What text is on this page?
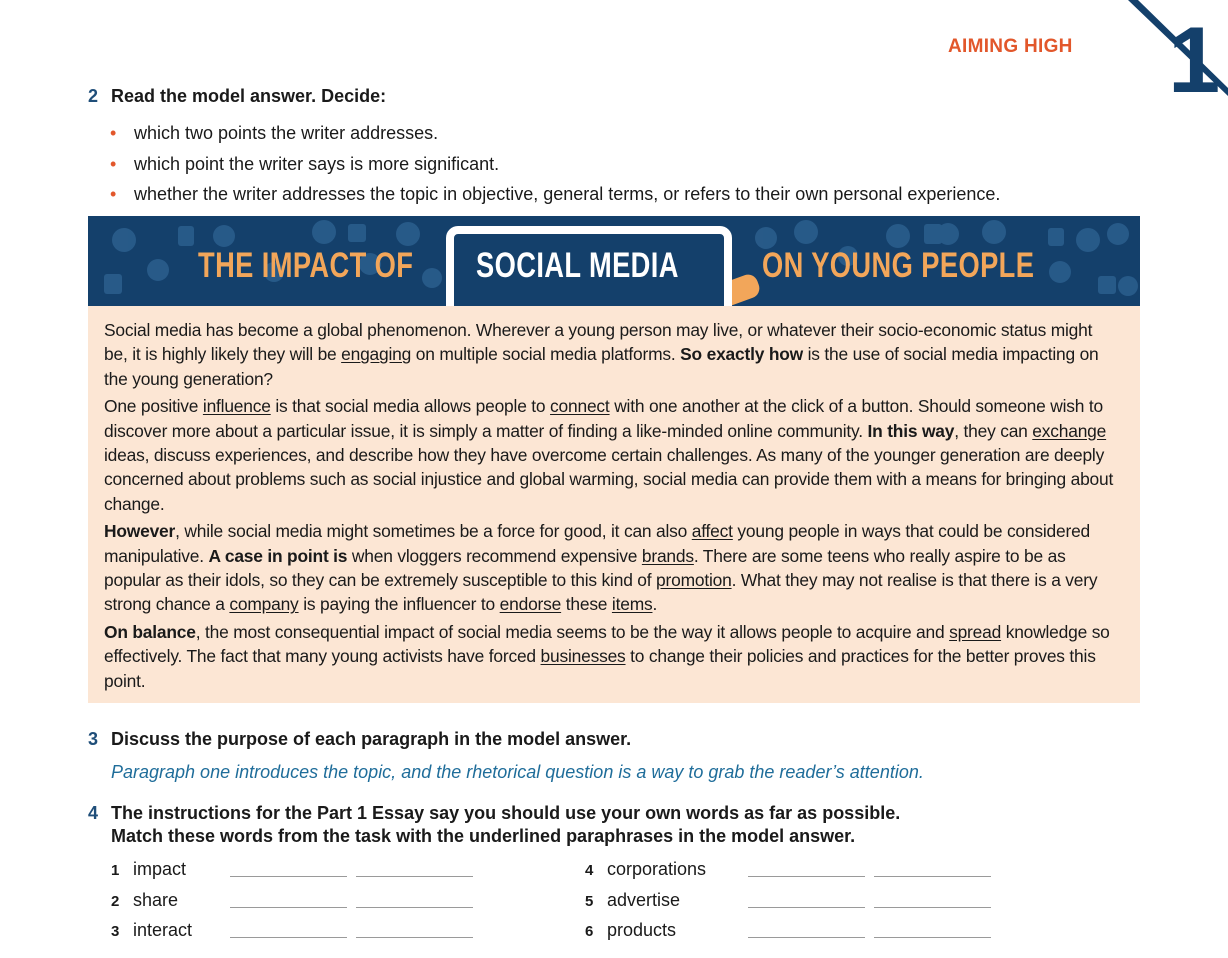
1
AIMING HIGH
2 Read the model answer. Decide:
• which two points the writer addresses.
• which point the writer says is more significant.
• whether the writer addresses the topic in objective, general terms, or refers to their own personal experience.
THE IMPACT OF SOCIAL MEDIA ON YOUNG PEOPLE

Social media has become a global phenomenon. Wherever a young person may live, or whatever their socio-economic status might be, it is highly likely they will be engaging on multiple social media platforms. So exactly how is the use of social media impacting on the young generation?

One positive influence is that social media allows people to connect with one another at the click of a button. Should someone wish to discover more about a particular issue, it is simply a matter of finding a like-minded online community. In this way, they can exchange ideas, discuss experiences, and describe how they have overcome certain challenges. As many of the younger generation are deeply concerned about problems such as social injustice and global warming, social media can provide them with a means for bringing about change.

However, while social media might sometimes be a force for good, it can also affect young people in ways that could be considered manipulative. A case in point is when vloggers recommend expensive brands. There are some teens who really aspire to be as popular as their idols, so they can be extremely susceptible to this kind of promotion. What they may not realise is that there is a very strong chance a company is paying the influencer to endorse these items.

On balance, the most consequential impact of social media seems to be the way it allows people to acquire and spread knowledge so effectively. The fact that many young activists have forced businesses to change their policies and practices for the better proves this point.

3 Discuss the purpose of each paragraph in the model answer.
Paragraph one introduces the topic, and the rhetorical question is a way to grab the reader’s attention.
4 The instructions for the Part 1 Essay say you should use your own words as far as possible.
Match these words from the task with the underlined paraphrases in the model answer.
1 impact
2 share
3 interact
4 corporations
5 advertise
6 products
